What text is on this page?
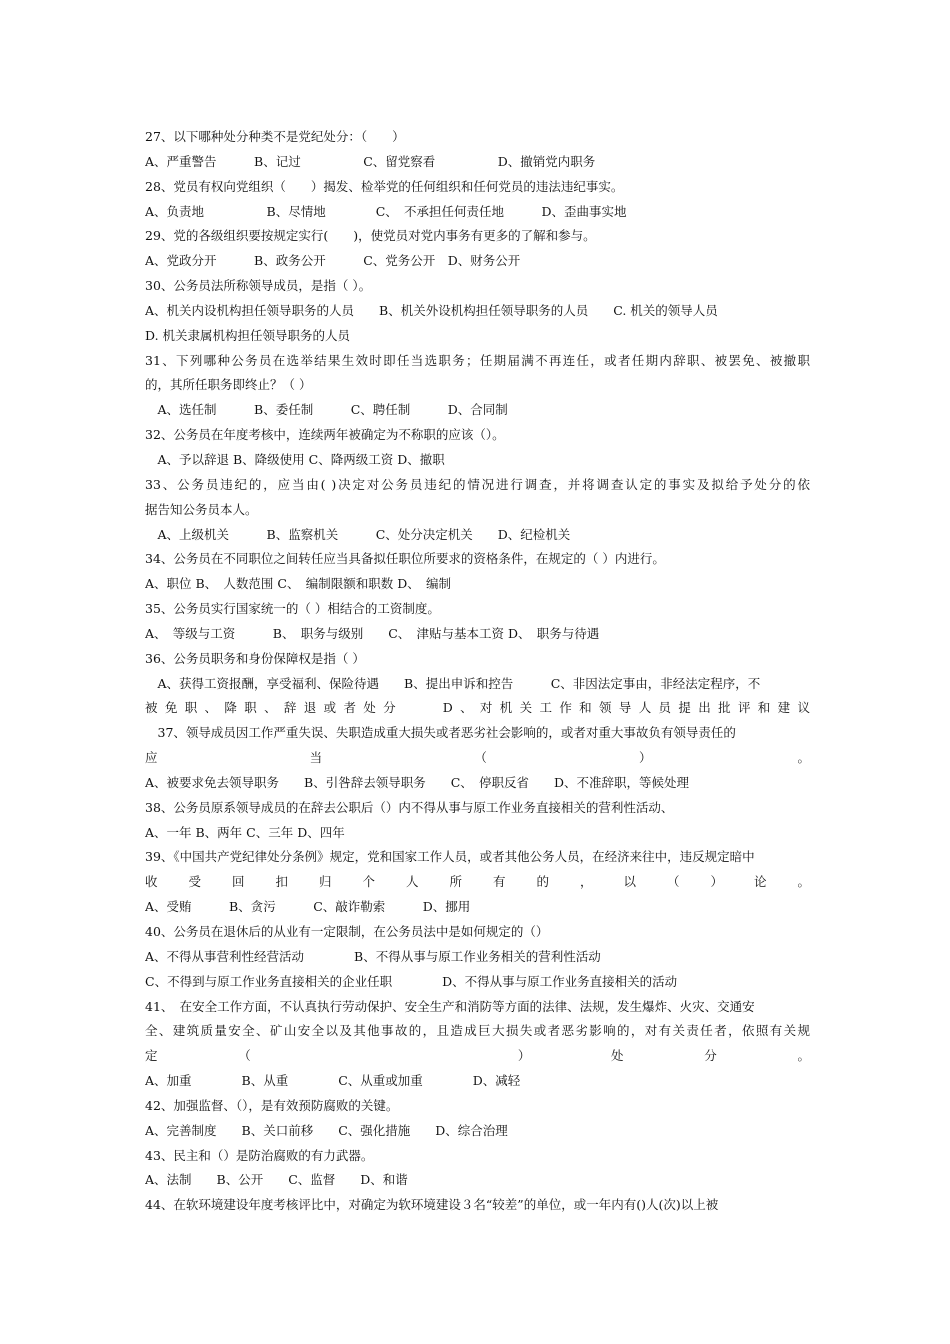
27、以下哪种处分种类不是党纪处分：（　　）
A、严重警告　　　B、记过　　　　　C、留党察看　　　　　D、撤销党内职务
28、党员有权向党组织（　　）揭发、检举党的任何组织和任何党员的违法违纪事实。
A、负责地　　　　　B、尽情地　　　　C、　不承担任何责任地　　　D、歪曲事实地
29、党的各级组织要按规定实行(　　)，使党员对党内事务有更多的了解和参与。
A、党政分开　　　B、政务公开　　　C、党务公开　D、财务公开
30、公务员法所称领导成员，是指（ ）。
A、机关内设机构担任领导职务的人员　　B、机关外设机构担任领导职务的人员　　C. 机关的领导人员
D. 机关隶属机构担任领导职务的人员
31、下列哪种公务员在选举结果生效时即任当选职务；任期届满不再连任，或者任期内辞职、被罢免、被撤职
的，其所任职务即终止？（ ）
　A、选任制　　　B、委任制　　　C、聘任制　　　D、合同制
32、公务员在年度考核中，连续两年被确定为不称职的应该（）。
　A、予以辞退 B、降级使用 C、降两级工资 D、撤职
33、公务员违纪的，应当由( )决定对公务员违纪的情况进行调查，并将调查认定的事实及拟给予处分的依
据告知公务员本人。
　A、上级机关　　　B、监察机关　　　C、处分决定机关　　D、纪检机关
34、公务员在不同职位之间转任应当具备拟任职位所要求的资格条件，在规定的（ ）内进行。
A、职位 B、　人数范围 C、　编制限额和职数 D、　编制
35、公务员实行国家统一的（ ）相结合的工资制度。
A、　等级与工资　　　B、　职务与级别　　C、　津贴与基本工资 D、　职务与待遇
36、公务员职务和身份保障权是指（ ）
　A、获得工资报酬，享受福利、保险待遇　　B、提出申诉和控告　　　C、非因法定事由，非经法定程序，不
被免职、降职、辞退或者处分　　D、对机关工作和领导人员提出批评和建议
　37、领导成员因工作严重失误、失职造成重大损失或者恶劣社会影响的，或者对重大事故负有领导责任的
应当（）。
A、被要求免去领导职务　　B、引咎辞去领导职务　　C、　停职反省　　D、不准辞职，等候处理
38、公务员原系领导成员的在辞去公职后（）内不得从事与原工作业务直接相关的营利性活动、
A、一年 B、两年 C、三年 D、四年
39、《中国共产党纪律处分条例》规定，党和国家工作人员，或者其他公务人员，在经济来往中，违反规定暗中
收受回扣归个人所有的，以（）论。
A、受贿　　　B、贪污　　　C、敲诈勒索　　　D、挪用
40、公务员在退休后的从业有一定限制，在公务员法中是如何规定的（）
A、不得从事营利性经营活动　　　　B、不得从事与原工作业务相关的营利性活动
C、不得到与原工作业务直接相关的企业任职　　　　D、不得从事与原工作业务直接相关的活动
41、　在安全工作方面，不认真执行劳动保护、安全生产和消防等方面的法律、法规，发生爆炸、火灾、交通安
全、建筑质量安全、矿山安全以及其他事故的，且造成巨大损失或者恶劣影响的，对有关责任者，依照有关规
定（　　）处分。
A、加重　　　　B、从重　　　　C、从重或加重　　　　D、减轻
42、加强监督、（），是有效预防腐败的关键。
A、完善制度　　B、关口前移　　C、强化措施　　D、综合治理
43、民主和（）是防治腐败的有力武器。
A、法制　　B、公开　　C、监督　　D、和谐
44、在软环境建设年度考核评比中，对确定为软环境建设３名“较差”的单位，或一年内有()人(次)以上被
